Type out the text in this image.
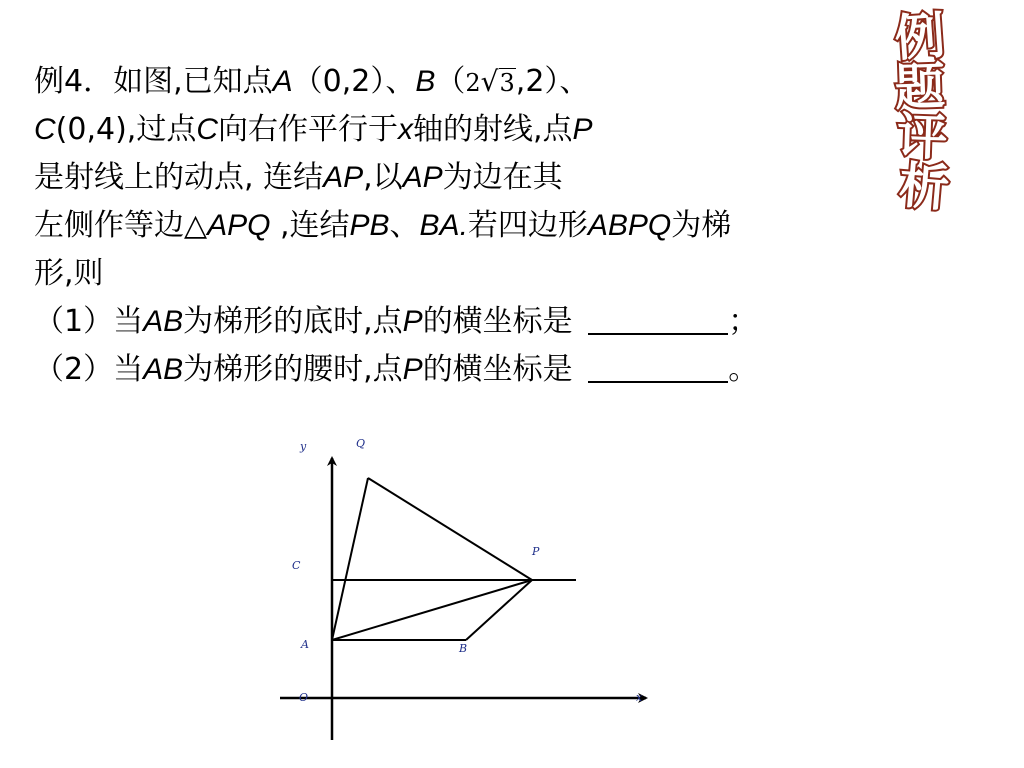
例4．如图,已知点A（0,2）、B（2√3,2）、
C(0,4),过点C向右作平行于x轴的射线,点P
是射线上的动点, 连结AP,以AP为边在其
左侧作等边△APQ ,连结PB、BA.若四边形ABPQ为梯
形,则
（1）当AB为梯形的底时,点P的横坐标是	；
（2）当AB为梯形的腰时,点P的横坐标是	。
例
题
评
析
y	Q
C
P
A	B
O	x
